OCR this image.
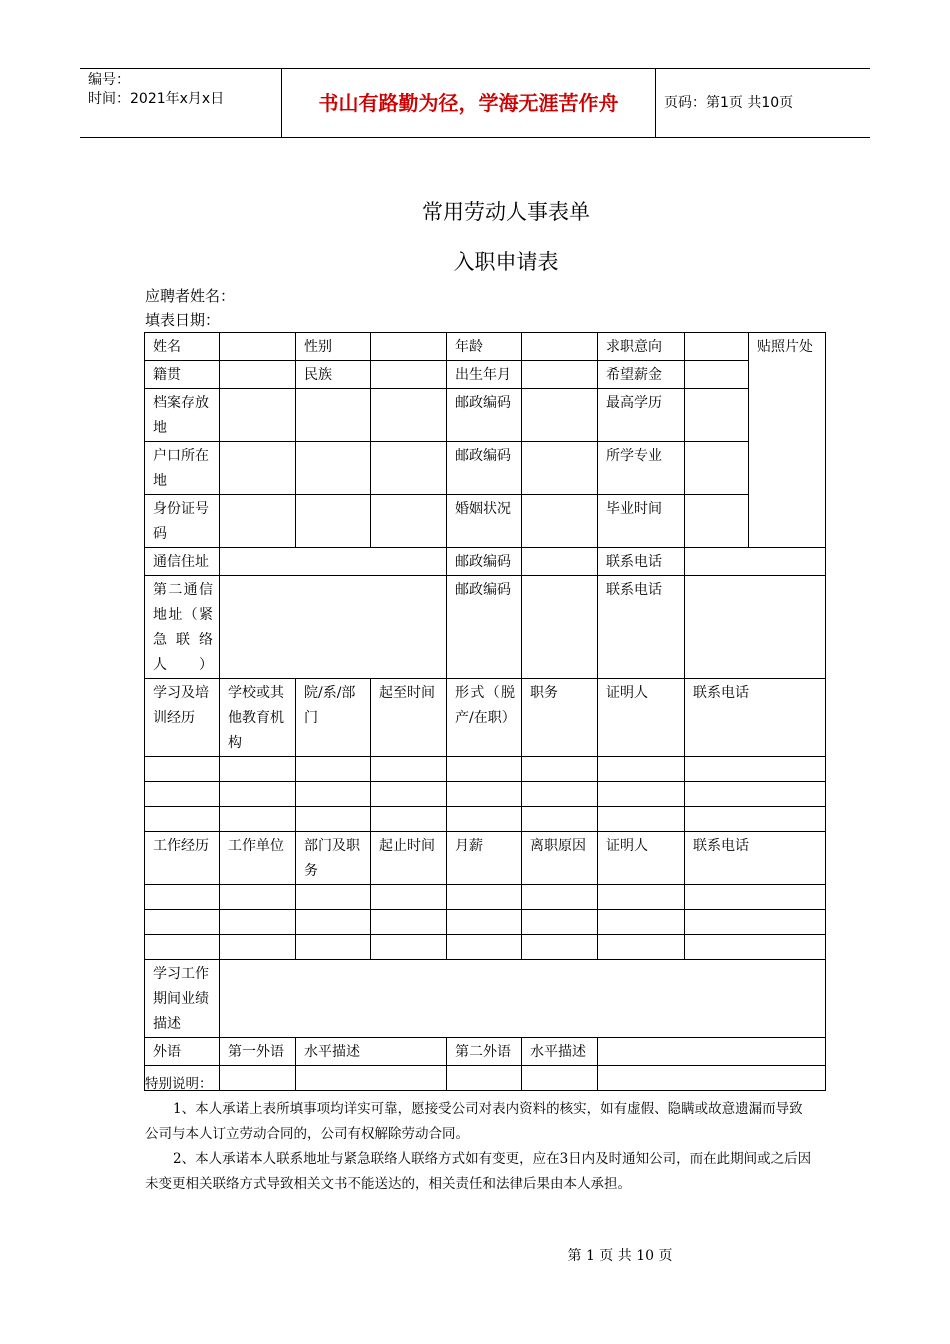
编号：
时间：2021年x月x日	书山有路勤为径，学海无涯苦作舟	页码：第1页 共10页
常用劳动人事表单
入职申请表
应聘者姓名：
填表日期：
姓名		性别		年龄		求职意向		贴照片处
籍贯		民族		出生年月		希望薪金		
档案存放地				邮政编码		最高学历		
户口所在地				邮政编码		所学专业		
身份证号码				婚姻状况		毕业时间		
通信住址				邮政编码		联系电话		
第二通信地址（紧急联络人）				邮政编码		联系电话		
学习及培训经历	学校或其他教育机构	院/系/部门	起至时间	形式（脱产/在职）	职务	证明人	联系电话	

工作经历	工作单位	部门及职务	起止时间	月薪	离职原因	证明人	联系电话	

学习工作期间业绩描述								
外语	第一外语	水平描述		第二外语	水平描述			

特别说明：

1、本人承诺上表所填事项均详实可靠，愿接受公司对表内资料的核实，如有虚假、隐瞒或故意遗漏而导致公司与本人订立劳动合同的，公司有权解除劳动合同。

2、本人承诺本人联系地址与紧急联络人联络方式如有变更，应在3日内及时通知公司，而在此期间或之后因未变更相关联络方式导致相关文书不能送达的，相关责任和法律后果由本人承担。

第 1 页 共 10 页
